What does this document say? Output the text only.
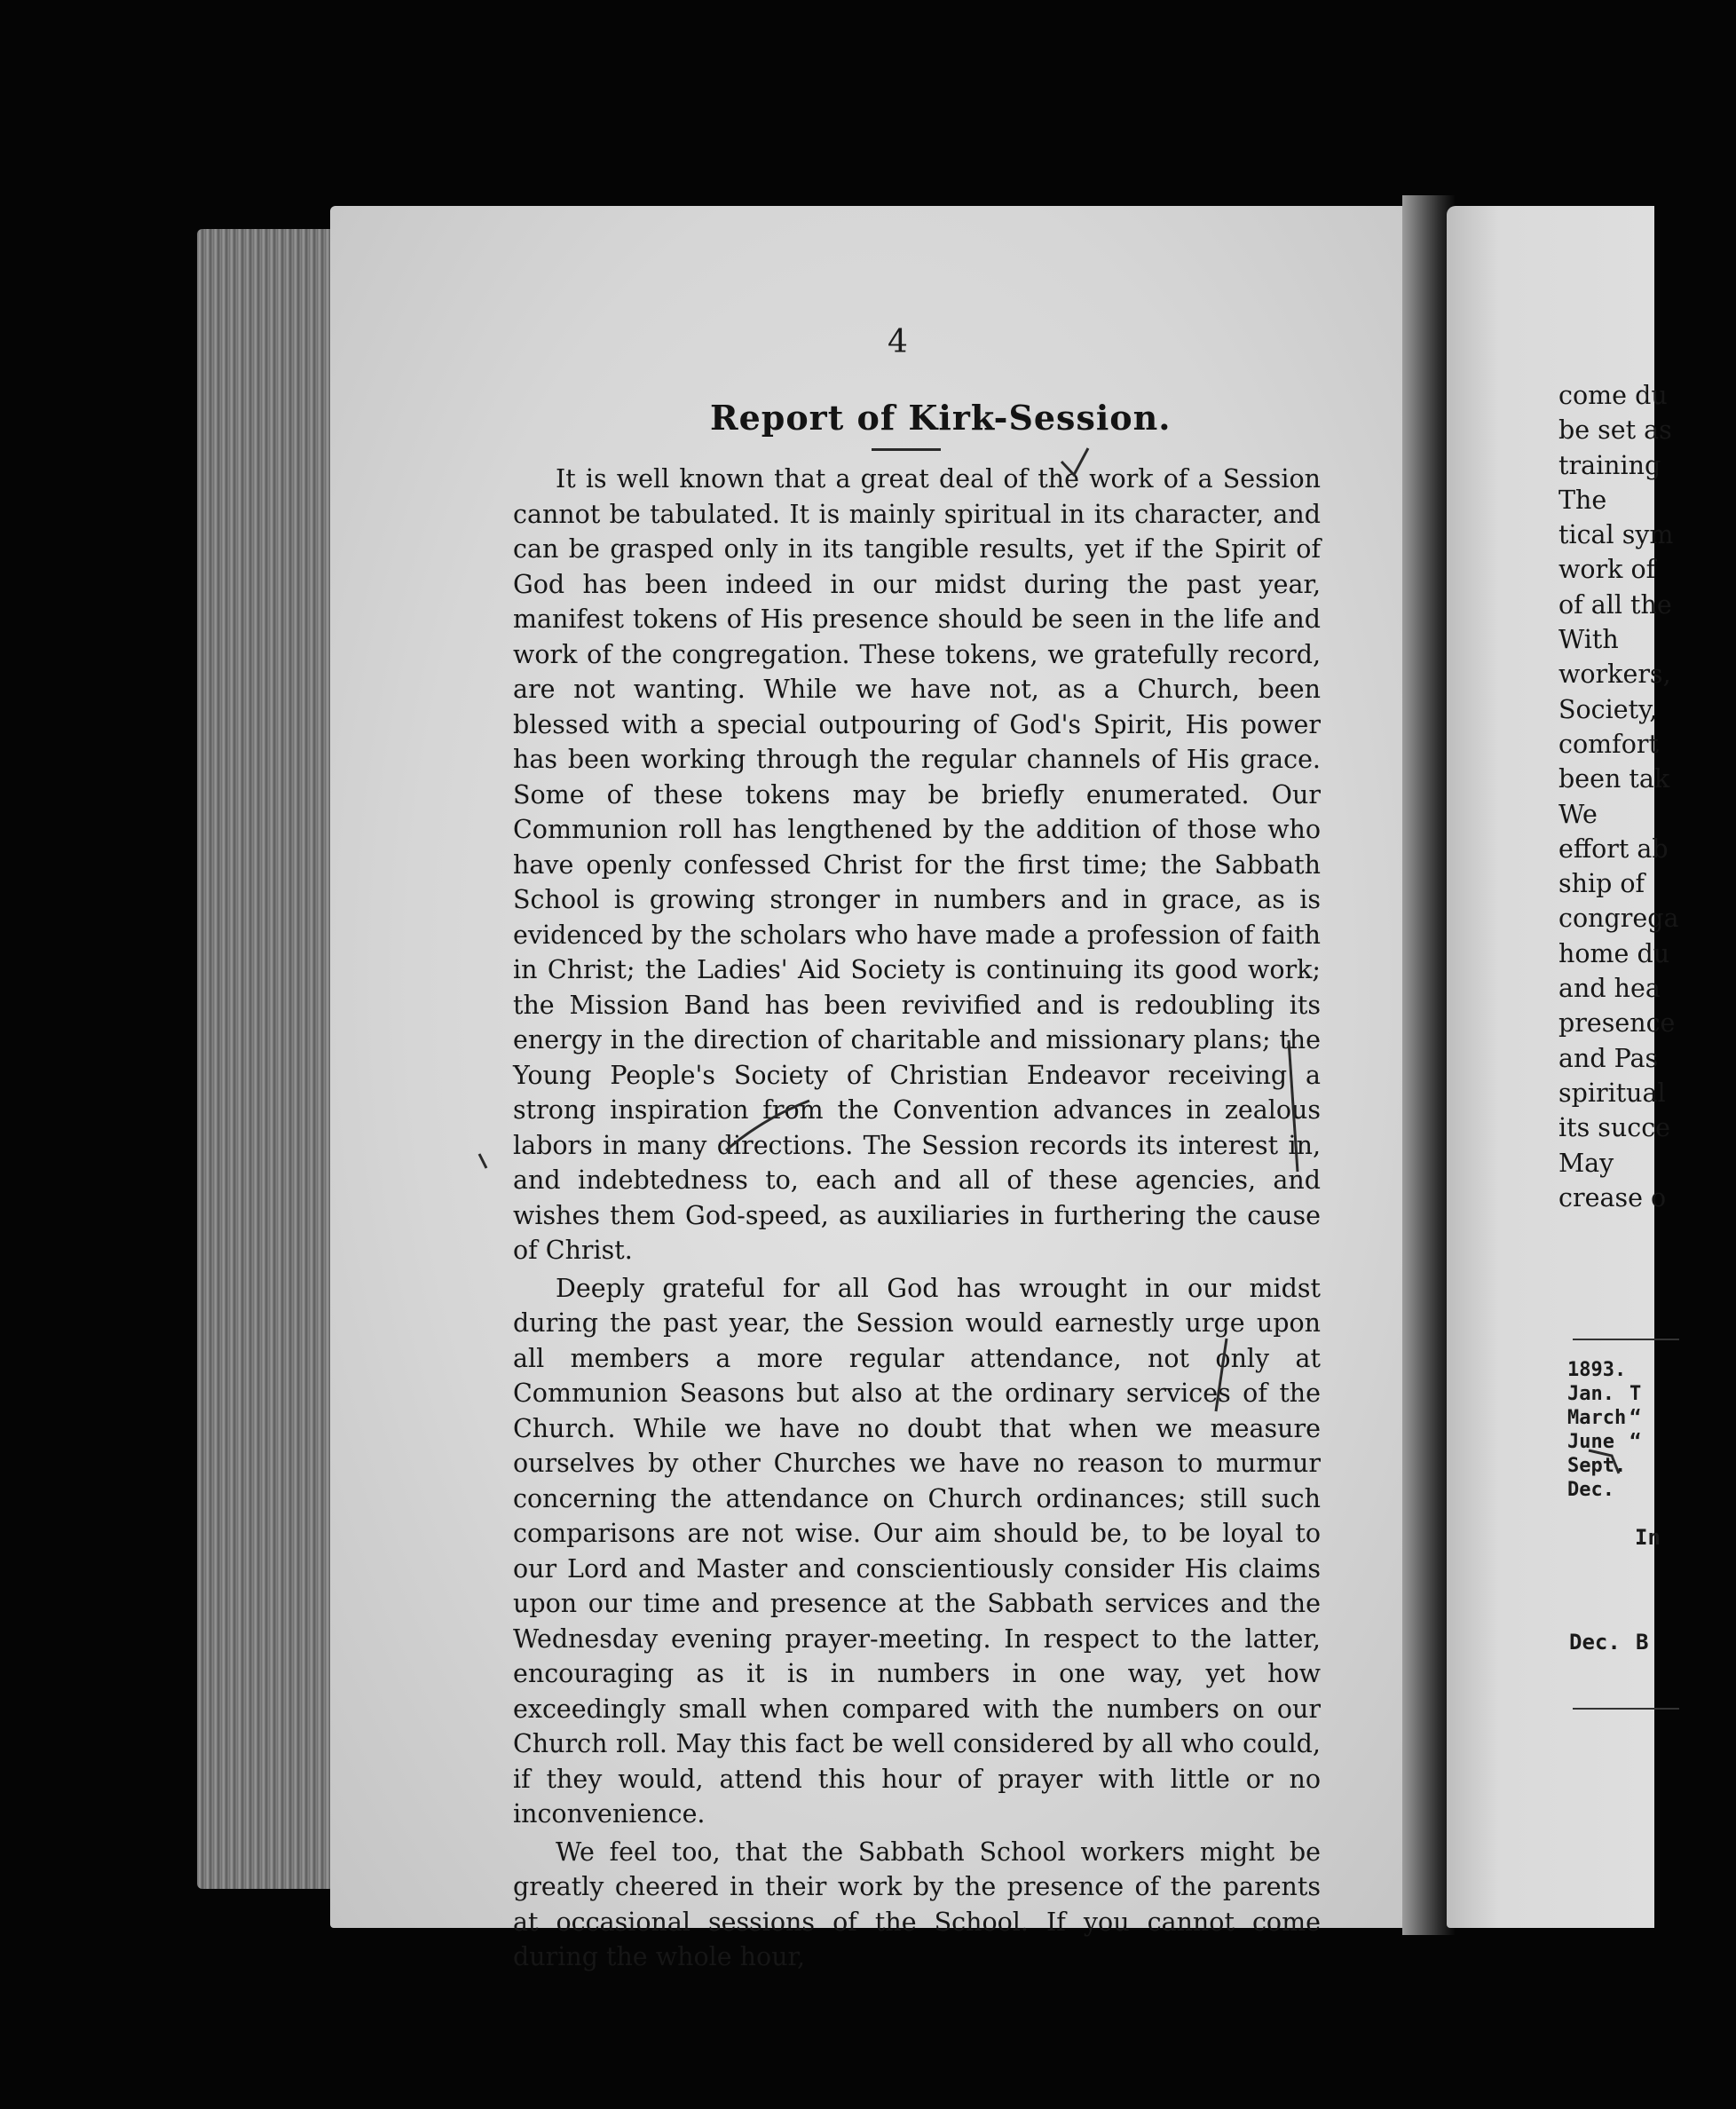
4
Report of Kirk-Session.

It is well known that a great deal of the work of a Session cannot be tabulated. It is mainly spiritual in its character, and can be grasped only in its tangible results, yet if the Spirit of God has been indeed in our midst during the past year, manifest tokens of His presence should be seen in the life and work of the congregation. These tokens, we gratefully record, are not wanting. While we have not, as a Church, been blessed with a special outpouring of God's Spirit, His power has been working through the regular channels of His grace. Some of these tokens may be briefly enumerated. Our Communion roll has lengthened by the addition of those who have openly confessed Christ for the first time; the Sabbath School is growing stronger in numbers and in grace, as is evidenced by the scholars who have made a profession of faith in Christ; the Ladies' Aid Society is continuing its good work; the Mission Band has been revivified and is redoubling its energy in the direction of charitable and missionary plans; the Young People's Society of Christian Endeavor receiving a strong inspiration from the Convention advances in zealous labors in many directions. The Session records its interest in, and indebtedness to, each and all of these agencies, and wishes them God-speed, as auxiliaries in furthering the cause of Christ.

Deeply grateful for all God has wrought in our midst during the past year, the Session would earnestly urge upon all members a more regular attendance, not only at Communion Seasons but also at the ordinary services of the Church. While we have no doubt that when we measure ourselves by other Churches we have no reason to murmur concerning the attendance on Church ordinances; still such comparisons are not wise. Our aim should be, to be loyal to our Lord and Master and conscientiously consider His claims upon our time and presence at the Sabbath services and the Wednesday evening prayer-meeting. In respect to the latter, encouraging as it is in numbers in one way, yet how exceedingly small when compared with the numbers on our Church roll. May this fact be well considered by all who could, if they would, attend this hour of prayer with little or no inconvenience.

We feel too, that the Sabbath School workers might be greatly cheered in their work by the presence of the parents at occasional sessions of the School. If you cannot come during the whole hour,

come du
be set as
training
The
tical sym
work of
of all the
With
workers,
Society,
comfort
been tak
We
effort ab
ship of
congrega
home du
and hea
presence
and Pas
spiritual
its succe
May
crease o
1893.
Jan.
March
June
Sept.
Dec.
T
“
“
In
Dec. B
